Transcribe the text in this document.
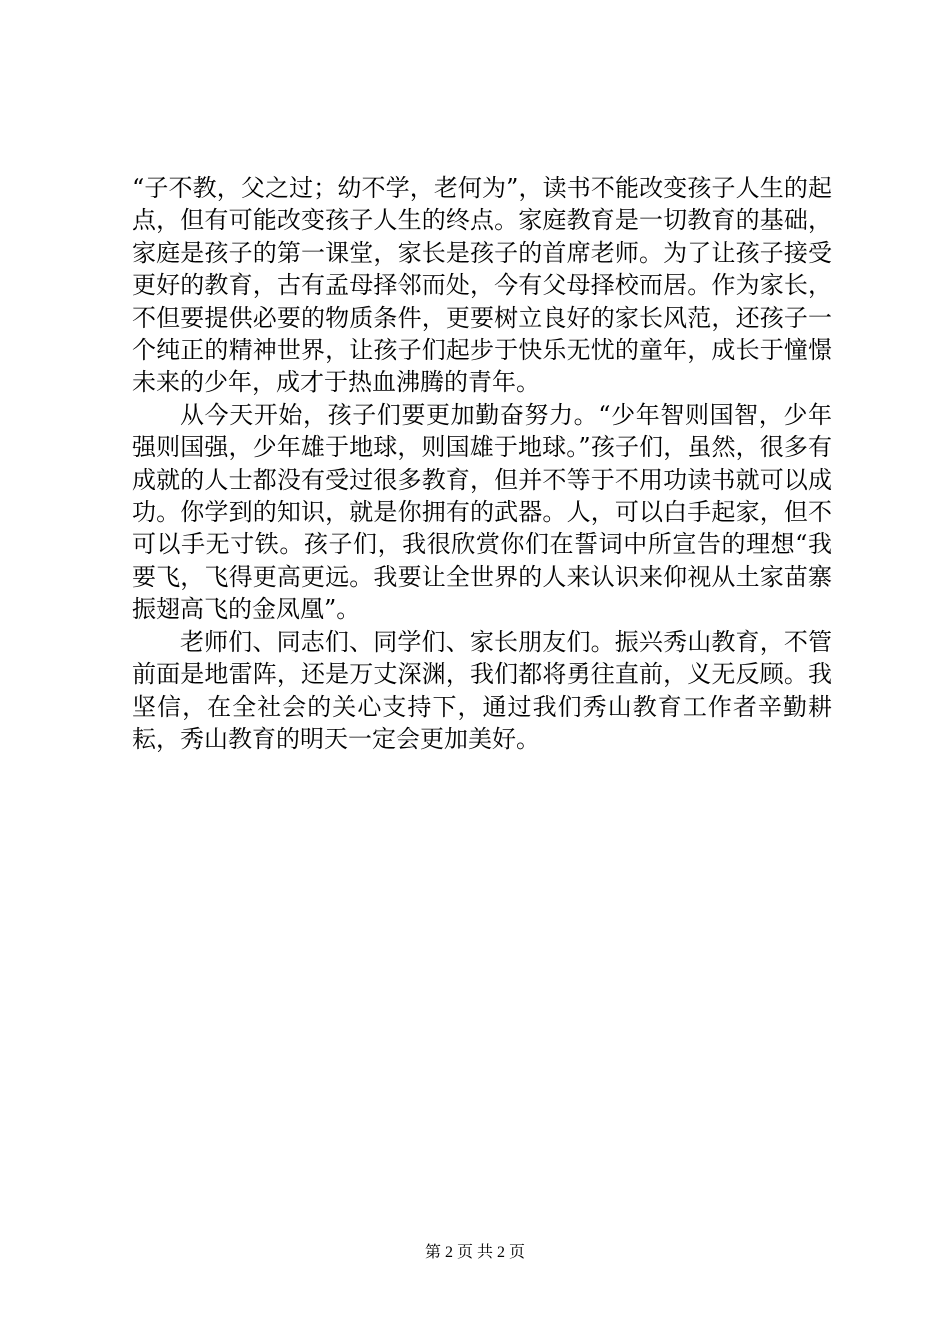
“子不教，父之过；幼不学，老何为”，读书不能改变孩子人生的起点，但有可能改变孩子人生的终点。家庭教育是一切教育的基础，家庭是孩子的第一课堂，家长是孩子的首席老师。为了让孩子接受更好的教育，古有孟母择邻而处，今有父母择校而居。作为家长，不但要提供必要的物质条件，更要树立良好的家长风范，还孩子一个纯正的精神世界，让孩子们起步于快乐无忧的童年，成长于憧憬未来的少年，成才于热血沸腾的青年。

从今天开始，孩子们要更加勤奋努力。“少年智则国智，少年强则国强，少年雄于地球，则国雄于地球。”孩子们，虽然，很多有成就的人士都没有受过很多教育，但并不等于不用功读书就可以成功。你学到的知识，就是你拥有的武器。人，可以白手起家，但不可以手无寸铁。孩子们，我很欣赏你们在誓词中所宣告的理想“我要飞，飞得更高更远。我要让全世界的人来认识来仰视从土家苗寨振翅高飞的金凤凰”。

老师们、同志们、同学们、家长朋友们。振兴秀山教育，不管前面是地雷阵，还是万丈深渊，我们都将勇往直前，义无反顾。我坚信，在全社会的关心支持下，通过我们秀山教育工作者辛勤耕耘，秀山教育的明天一定会更加美好。

第 2 页 共 2 页
